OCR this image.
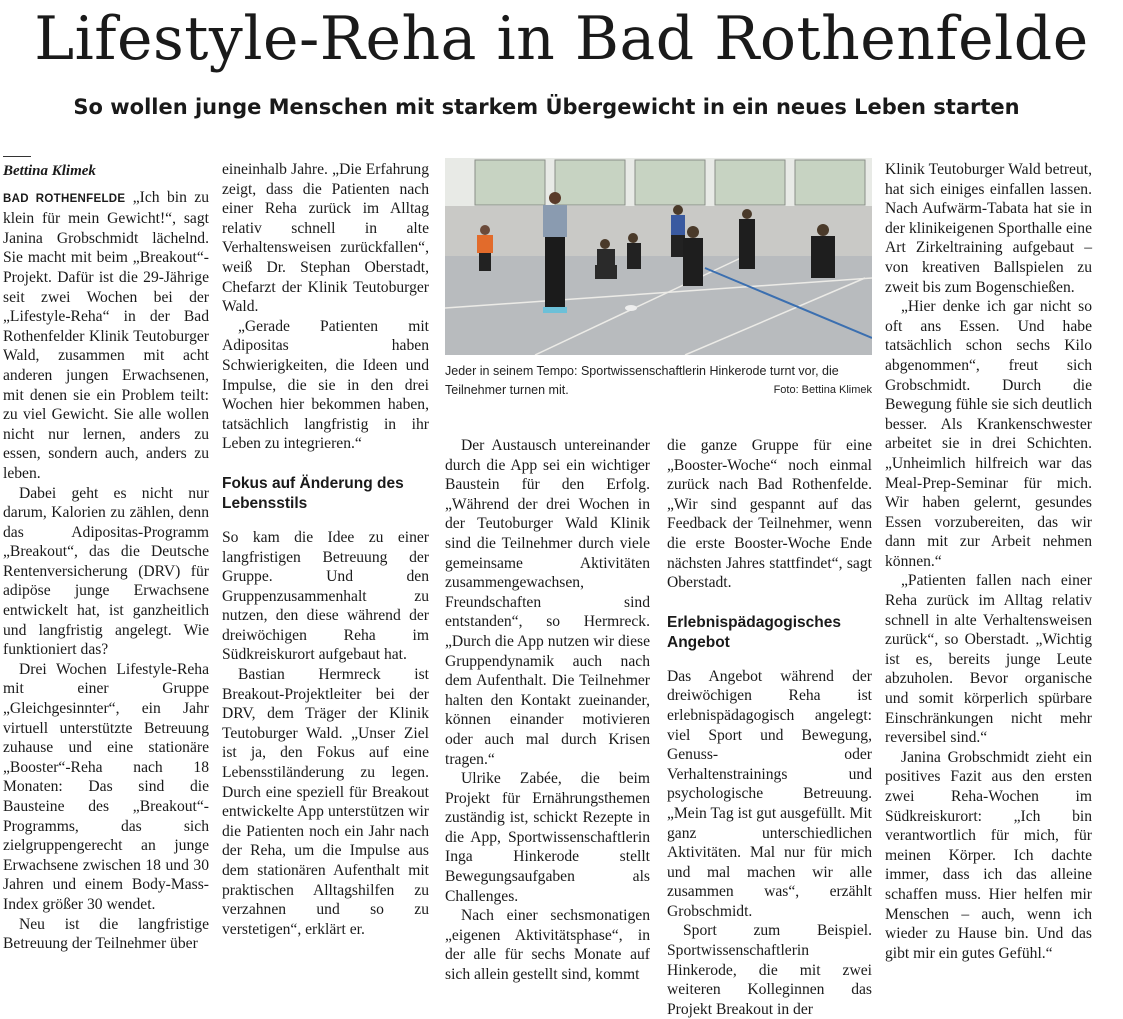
Lifestyle-Reha in Bad Rothenfelde
So wollen junge Menschen mit starkem Übergewicht in ein neues Leben starten

Bettina Klimek

BAD ROTHENFELDE „Ich bin zu klein für mein Gewicht!“, sagt Janina Grobschmidt lächelnd. Sie macht mit beim „Breakout“-Projekt. Dafür ist die 29-Jährige seit zwei Wochen bei der „Lifestyle-Reha“ in der Bad Rothenfelder Klinik Teutoburger Wald, zusammen mit acht anderen jungen Erwachsenen, mit denen sie ein Problem teilt: zu viel Gewicht. Sie alle wollen nicht nur lernen, anders zu essen, sondern auch, anders zu leben.

Dabei geht es nicht nur darum, Kalorien zu zählen, denn das Adipositas-Programm „Breakout“, das die Deutsche Rentenversicherung (DRV) für adipöse junge Erwachsene entwickelt hat, ist ganzheitlich und langfristig angelegt. Wie funktioniert das?

Drei Wochen Lifestyle-Reha mit einer Gruppe „Gleichgesinnter“, ein Jahr virtuell unterstützte Betreuung zuhause und eine stationäre „Booster“-Reha nach 18 Monaten: Das sind die Bausteine des „Breakout“-Programms, das sich zielgruppengerecht an junge Erwachsene zwischen 18 und 30 Jahren und einem Body-Mass-Index größer 30 wendet.

Neu ist die langfristige Betreuung der Teilnehmer über

eineinhalb Jahre. „Die Erfahrung zeigt, dass die Patienten nach einer Reha zurück im Alltag relativ schnell in alte Verhaltensweisen zurückfallen“, weiß Dr. Stephan Oberstadt, Chefarzt der Klinik Teutoburger Wald.

„Gerade Patienten mit Adipositas haben Schwierigkeiten, die Ideen und Impulse, die sie in den drei Wochen hier bekommen haben, tatsächlich langfristig in ihr Leben zu integrieren.“

Fokus auf Änderung des Lebensstils

So kam die Idee zu einer langfristigen Betreuung der Gruppe. Und den Gruppenzusammenhalt zu nutzen, den diese während der dreiwöchigen Reha im Südkreiskurort aufgebaut hat.

Bastian Hermreck ist Breakout-Projektleiter bei der DRV, dem Träger der Klinik Teutoburger Wald. „Unser Ziel ist ja, den Fokus auf eine Lebensstiländerung zu legen. Durch eine speziell für Breakout entwickelte App unterstützen wir die Patienten noch ein Jahr nach der Reha, um die Impulse aus dem stationären Aufenthalt mit praktischen Alltagshilfen zu verzahnen und so zu verstetigen“, erklärt er.

Jeder in seinem Tempo: Sportwissenschaftlerin Hinkerode turnt vor, die Teilnehmer turnen mit.	Foto: Bettina Klimek

Der Austausch untereinander durch die App sei ein wichtiger Baustein für den Erfolg. „Während der drei Wochen in der Teutoburger Wald Klinik sind die Teilnehmer durch viele gemeinsame Aktivitäten zusammengewachsen, Freundschaften sind entstanden“, so Hermreck. „Durch die App nutzen wir diese Gruppendynamik auch nach dem Aufenthalt. Die Teilnehmer halten den Kontakt zueinander, können einander motivieren oder auch mal durch Krisen tragen.“

Ulrike Zabée, die beim Projekt für Ernährungsthemen zuständig ist, schickt Rezepte in die App, Sportwissenschaftlerin Inga Hinkerode stellt Bewegungsaufgaben als Challenges.

Nach einer sechsmonatigen „eigenen Aktivitätsphase“, in der alle für sechs Monate auf sich allein gestellt sind, kommt

die ganze Gruppe für eine „Booster-Woche“ noch einmal zurück nach Bad Rothenfelde. „Wir sind gespannt auf das Feedback der Teilnehmer, wenn die erste Booster-Woche Ende nächsten Jahres stattfindet“, sagt Oberstadt.

Erlebnispädagogisches Angebot

Das Angebot während der dreiwöchigen Reha ist erlebnispädagogisch angelegt: viel Sport und Bewegung, Genuss- oder Verhaltenstrainings und psychologische Betreuung. „Mein Tag ist gut ausgefüllt. Mit ganz unterschiedlichen Aktivitäten. Mal nur für mich und mal machen wir alle zusammen was“, erzählt Grobschmidt.

Sport zum Beispiel. Sportwissenschaftlerin Hinkerode, die mit zwei weiteren Kolleginnen das Projekt Breakout in der

Klinik Teutoburger Wald betreut, hat sich einiges einfallen lassen. Nach Aufwärm-Tabata hat sie in der klinikeigenen Sporthalle eine Art Zirkeltraining aufgebaut – von kreativen Ballspielen zu zweit bis zum Bogenschießen.

„Hier denke ich gar nicht so oft ans Essen. Und habe tatsächlich schon sechs Kilo abgenommen“, freut sich Grobschmidt. Durch die Bewegung fühle sie sich deutlich besser. Als Krankenschwester arbeitet sie in drei Schichten. „Unheimlich hilfreich war das Meal-Prep-Seminar für mich. Wir haben gelernt, gesundes Essen vorzubereiten, das wir dann mit zur Arbeit nehmen können.“

„Patienten fallen nach einer Reha zurück im Alltag relativ schnell in alte Verhaltensweisen zurück“, so Oberstadt. „Wichtig ist es, bereits junge Leute abzuholen. Bevor organische und somit körperlich spürbare Einschränkungen nicht mehr reversibel sind.“

Janina Grobschmidt zieht ein positives Fazit aus den ersten zwei Reha-Wochen im Südkreiskurort: „Ich bin verantwortlich für mich, für meinen Körper. Ich dachte immer, dass ich das alleine schaffen muss. Hier helfen mir Menschen – auch, wenn ich wieder zu Hause bin. Und das gibt mir ein gutes Gefühl.“
